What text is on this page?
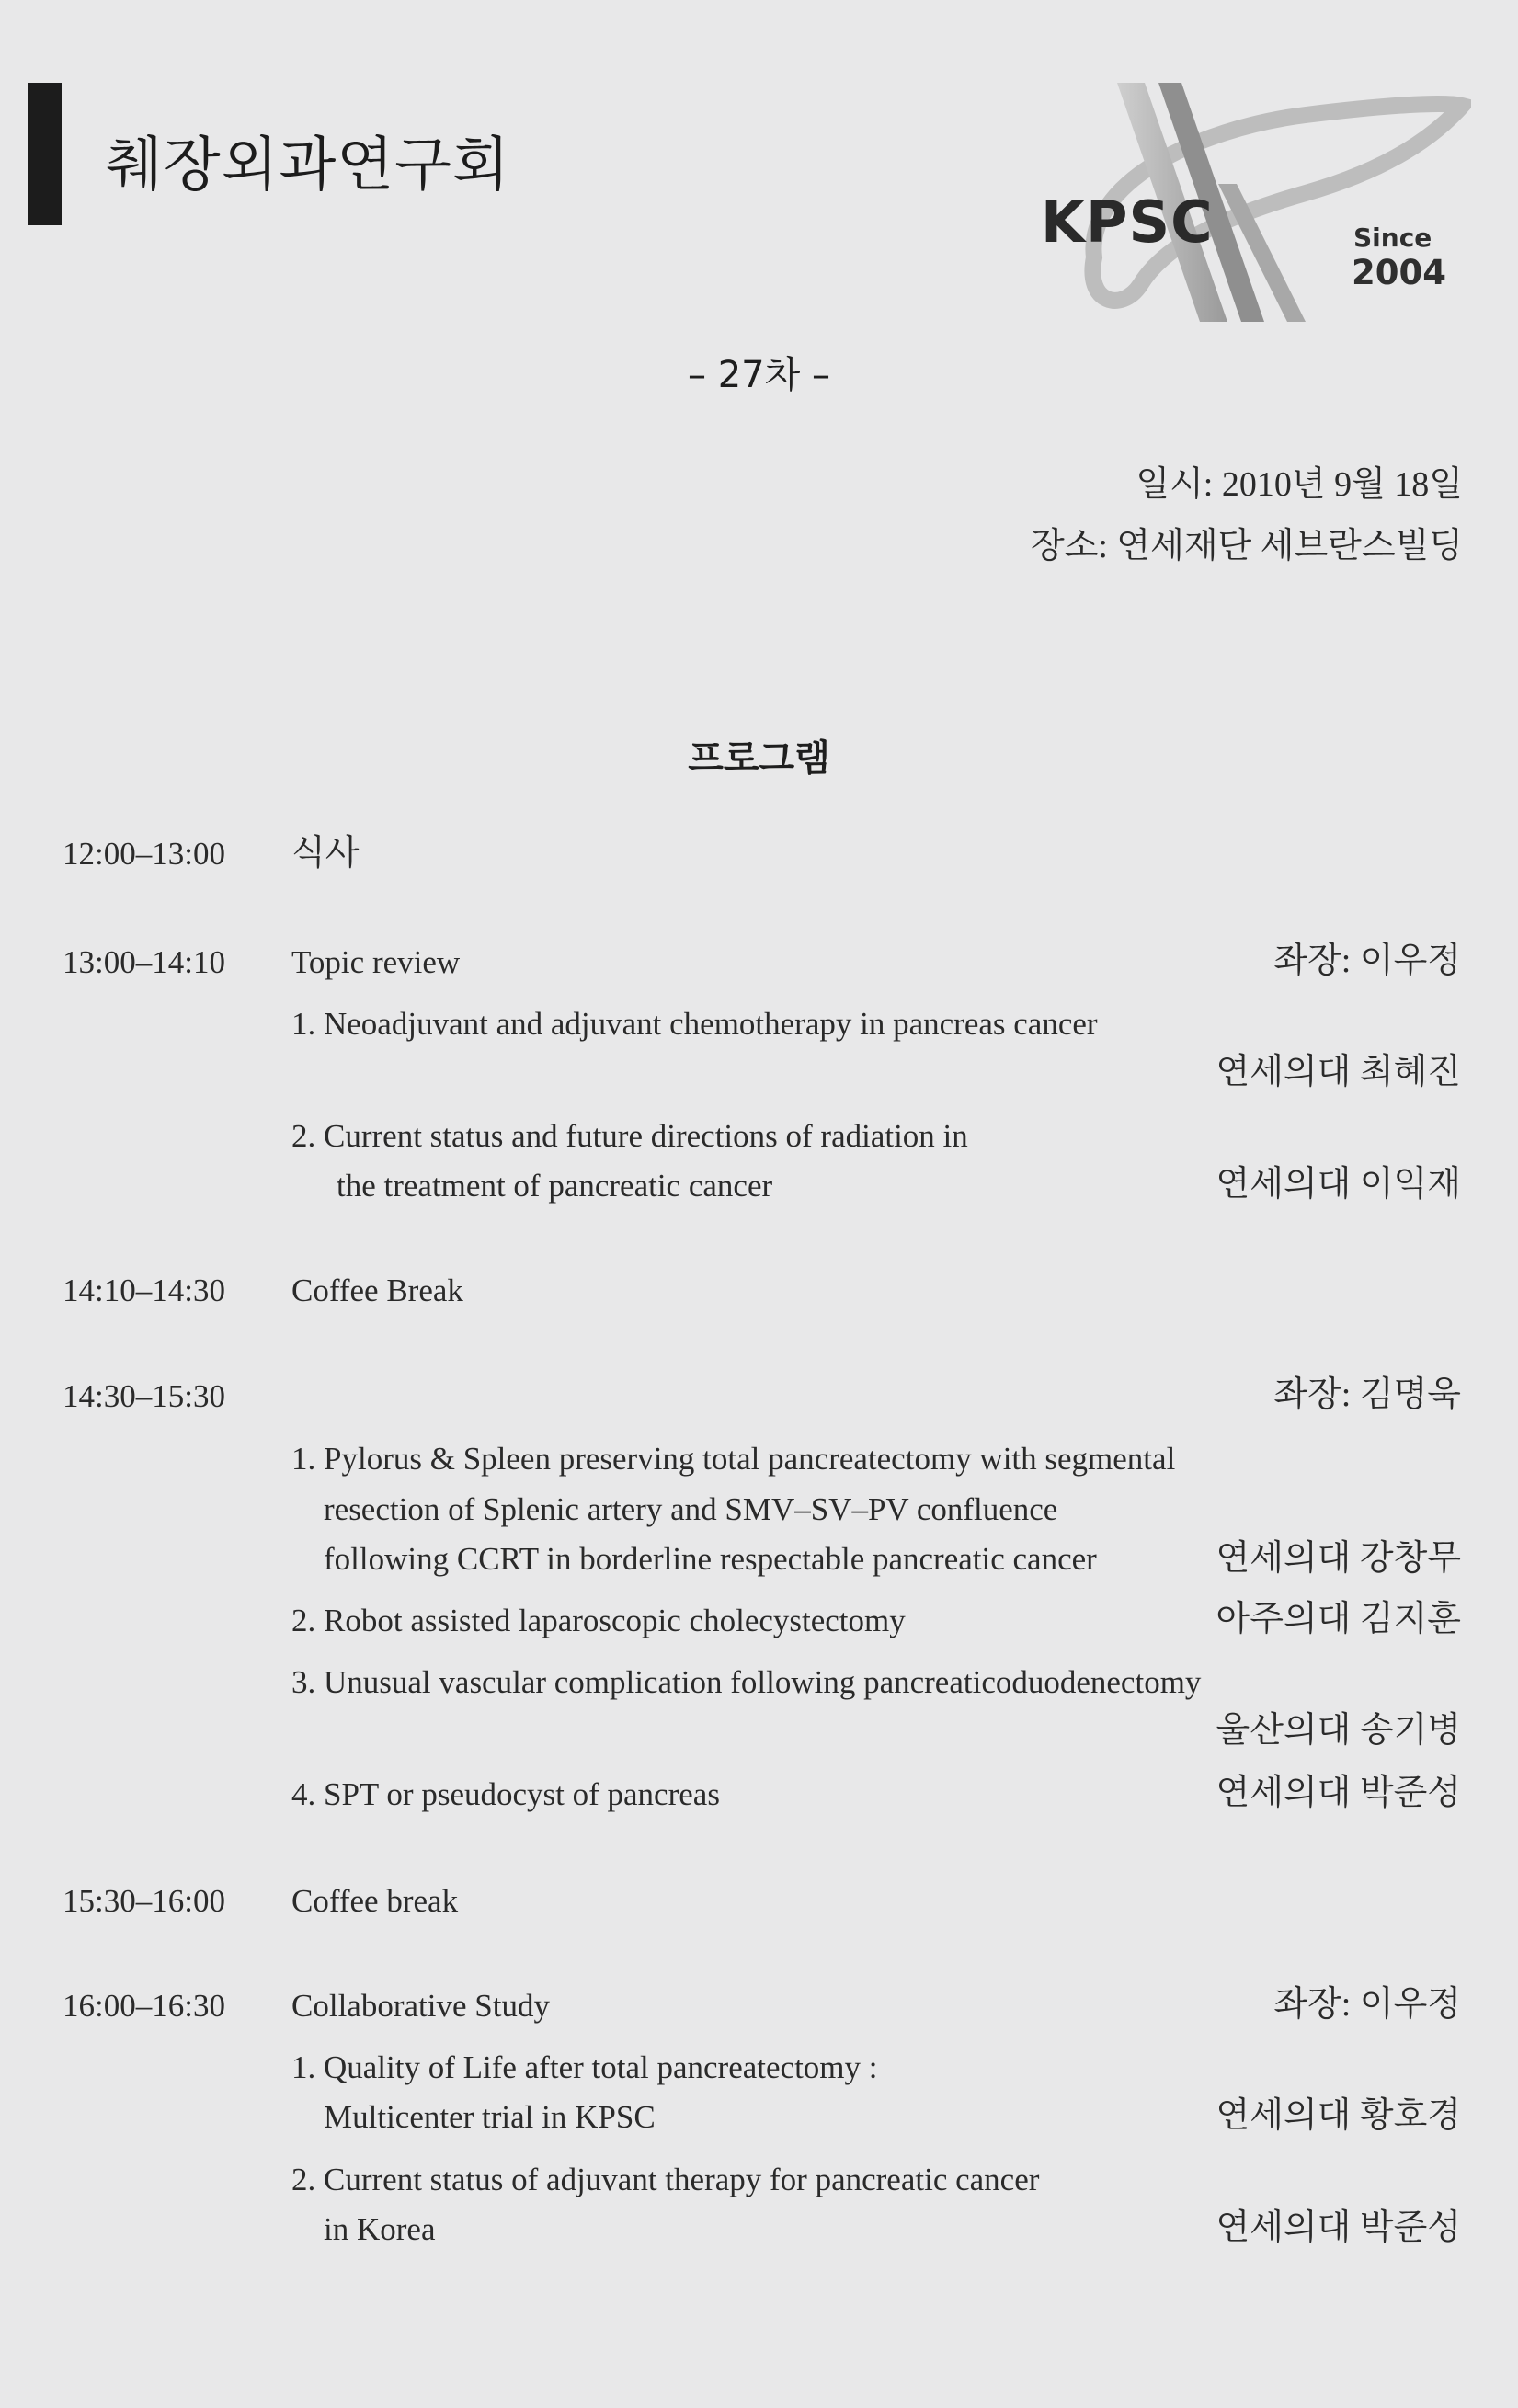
췌장외과연구회
KPSC	Since
2004
– 27차 –
일시: 2010년 9월 18일
장소: 연세재단 세브란스빌딩
프로그램
12:00–13:00 식사
13:00–14:10 Topic review	좌장: 이우정
1. Neoadjuvant and adjuvant chemotherapy in pancreas cancer
연세의대 최혜진
2. Current status and future directions of radiation in
the treatment of pancreatic cancer	연세의대 이익재
14:10–14:30 Coffee Break
14:30–15:30	좌장: 김명욱
1. Pylorus & Spleen preserving total pancreatectomy with segmental
resection of Splenic artery and SMV–SV–PV confluence
following CCRT in borderline respectable pancreatic cancer	연세의대 강창무
2. Robot assisted laparoscopic cholecystectomy	아주의대 김지훈
3. Unusual vascular complication following pancreaticoduodenectomy
울산의대 송기병
4. SPT or pseudocyst of pancreas	연세의대 박준성
15:30–16:00 Coffee break
16:00–16:30 Collaborative Study	좌장: 이우정
1. Quality of Life after total pancreatectomy :
Multicenter trial in KPSC	연세의대 황호경
2. Current status of adjuvant therapy for pancreatic cancer
in Korea	연세의대 박준성
